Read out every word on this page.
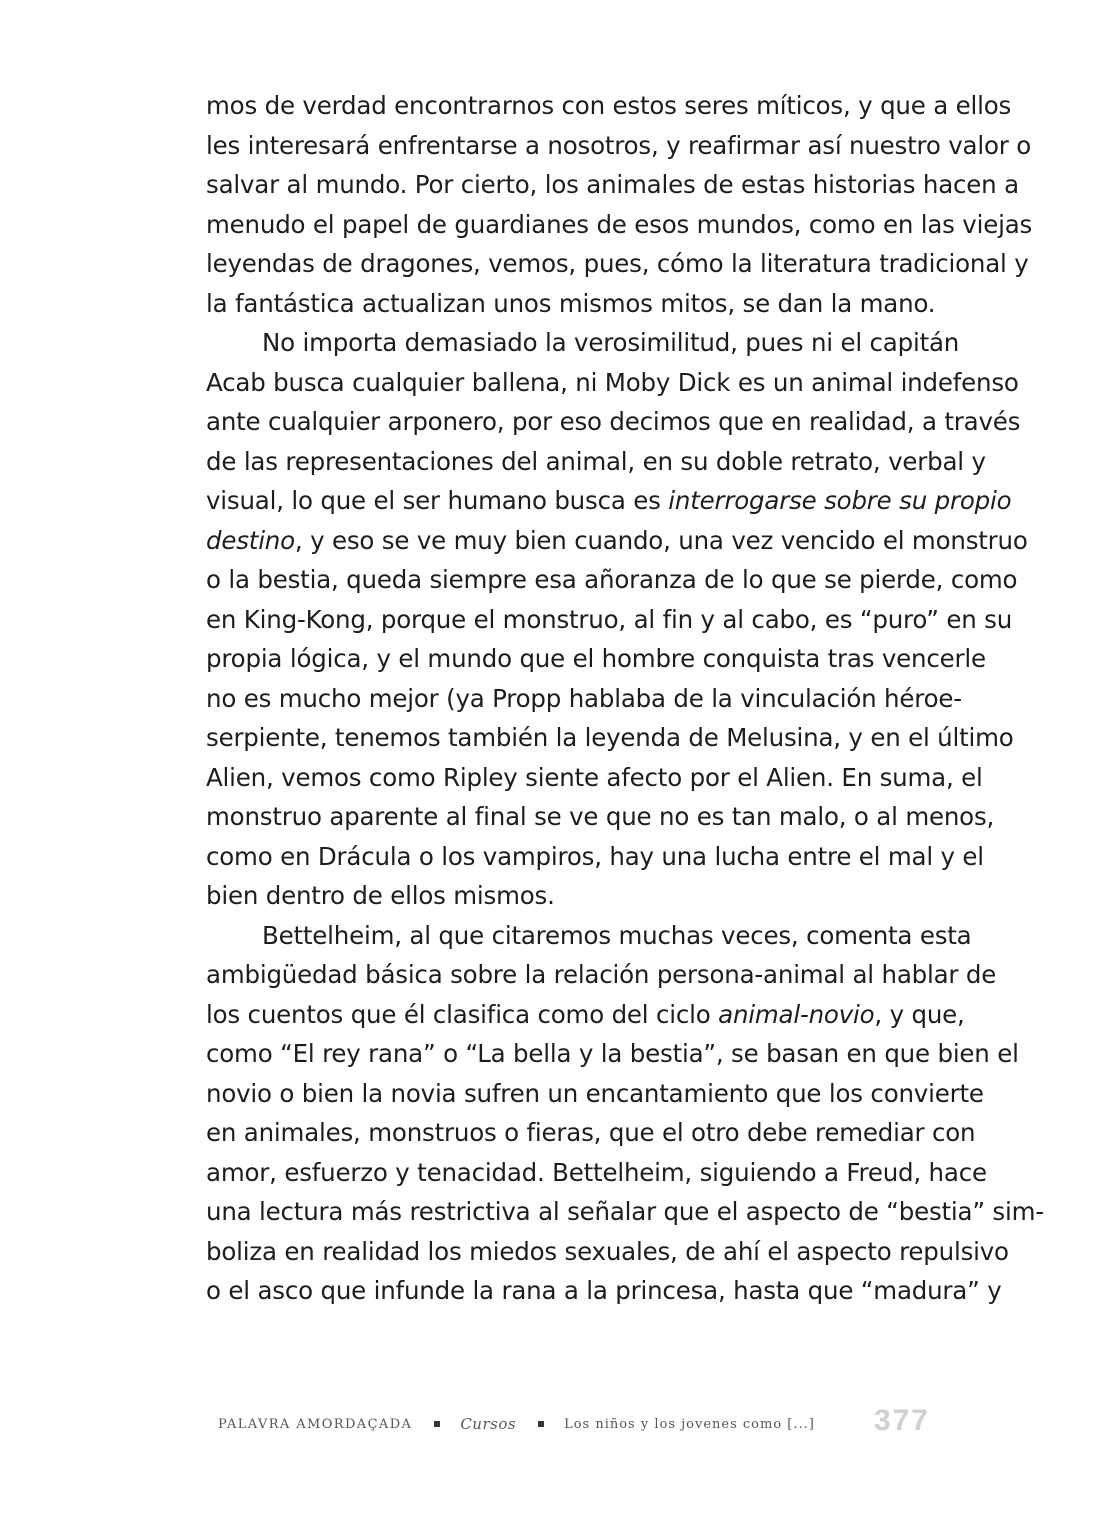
mos de verdad encontrarnos con estos seres míticos, y que a ellos
les interesará enfrentarse a nosotros, y reafirmar así nuestro valor o
salvar al mundo. Por cierto, los animales de estas historias hacen a
menudo el papel de guardianes de esos mundos, como en las viejas
leyendas de dragones, vemos, pues, cómo la literatura tradicional y
la fantástica actualizan unos mismos mitos, se dan la mano.
No importa demasiado la verosimilitud, pues ni el capitán
Acab busca cualquier ballena, ni Moby Dick es un animal indefenso
ante cualquier arponero, por eso decimos que en realidad, a través
de las representaciones del animal, en su doble retrato, verbal y
visual, lo que el ser humano busca es interrogarse sobre su propio
destino, y eso se ve muy bien cuando, una vez vencido el monstruo
o la bestia, queda siempre esa añoranza de lo que se pierde, como
en King-Kong, porque el monstruo, al fin y al cabo, es “puro” en su
propia lógica, y el mundo que el hombre conquista tras vencerle
no es mucho mejor (ya Propp hablaba de la vinculación héroe-
serpiente, tenemos también la leyenda de Melusina, y en el último
Alien, vemos como Ripley siente afecto por el Alien. En suma, el
monstruo aparente al final se ve que no es tan malo, o al menos,
como en Drácula o los vampiros, hay una lucha entre el mal y el
bien dentro de ellos mismos.
Bettelheim, al que citaremos muchas veces, comenta esta
ambigüedad básica sobre la relación persona-animal al hablar de
los cuentos que él clasifica como del ciclo animal-novio, y que,
como “El rey rana” o “La bella y la bestia”, se basan en que bien el
novio o bien la novia sufren un encantamiento que los convierte
en animales, monstruos o fieras, que el otro debe remediar con
amor, esfuerzo y tenacidad. Bettelheim, siguiendo a Freud, hace
una lectura más restrictiva al señalar que el aspecto de “bestia” sim-
boliza en realidad los miedos sexuales, de ahí el aspecto repulsivo
o el asco que infunde la rana a la princesa, hasta que “madura” y
PALAVRA AMORDAÇADA	Cursos	Los niños y los jovenes como [...] 377
